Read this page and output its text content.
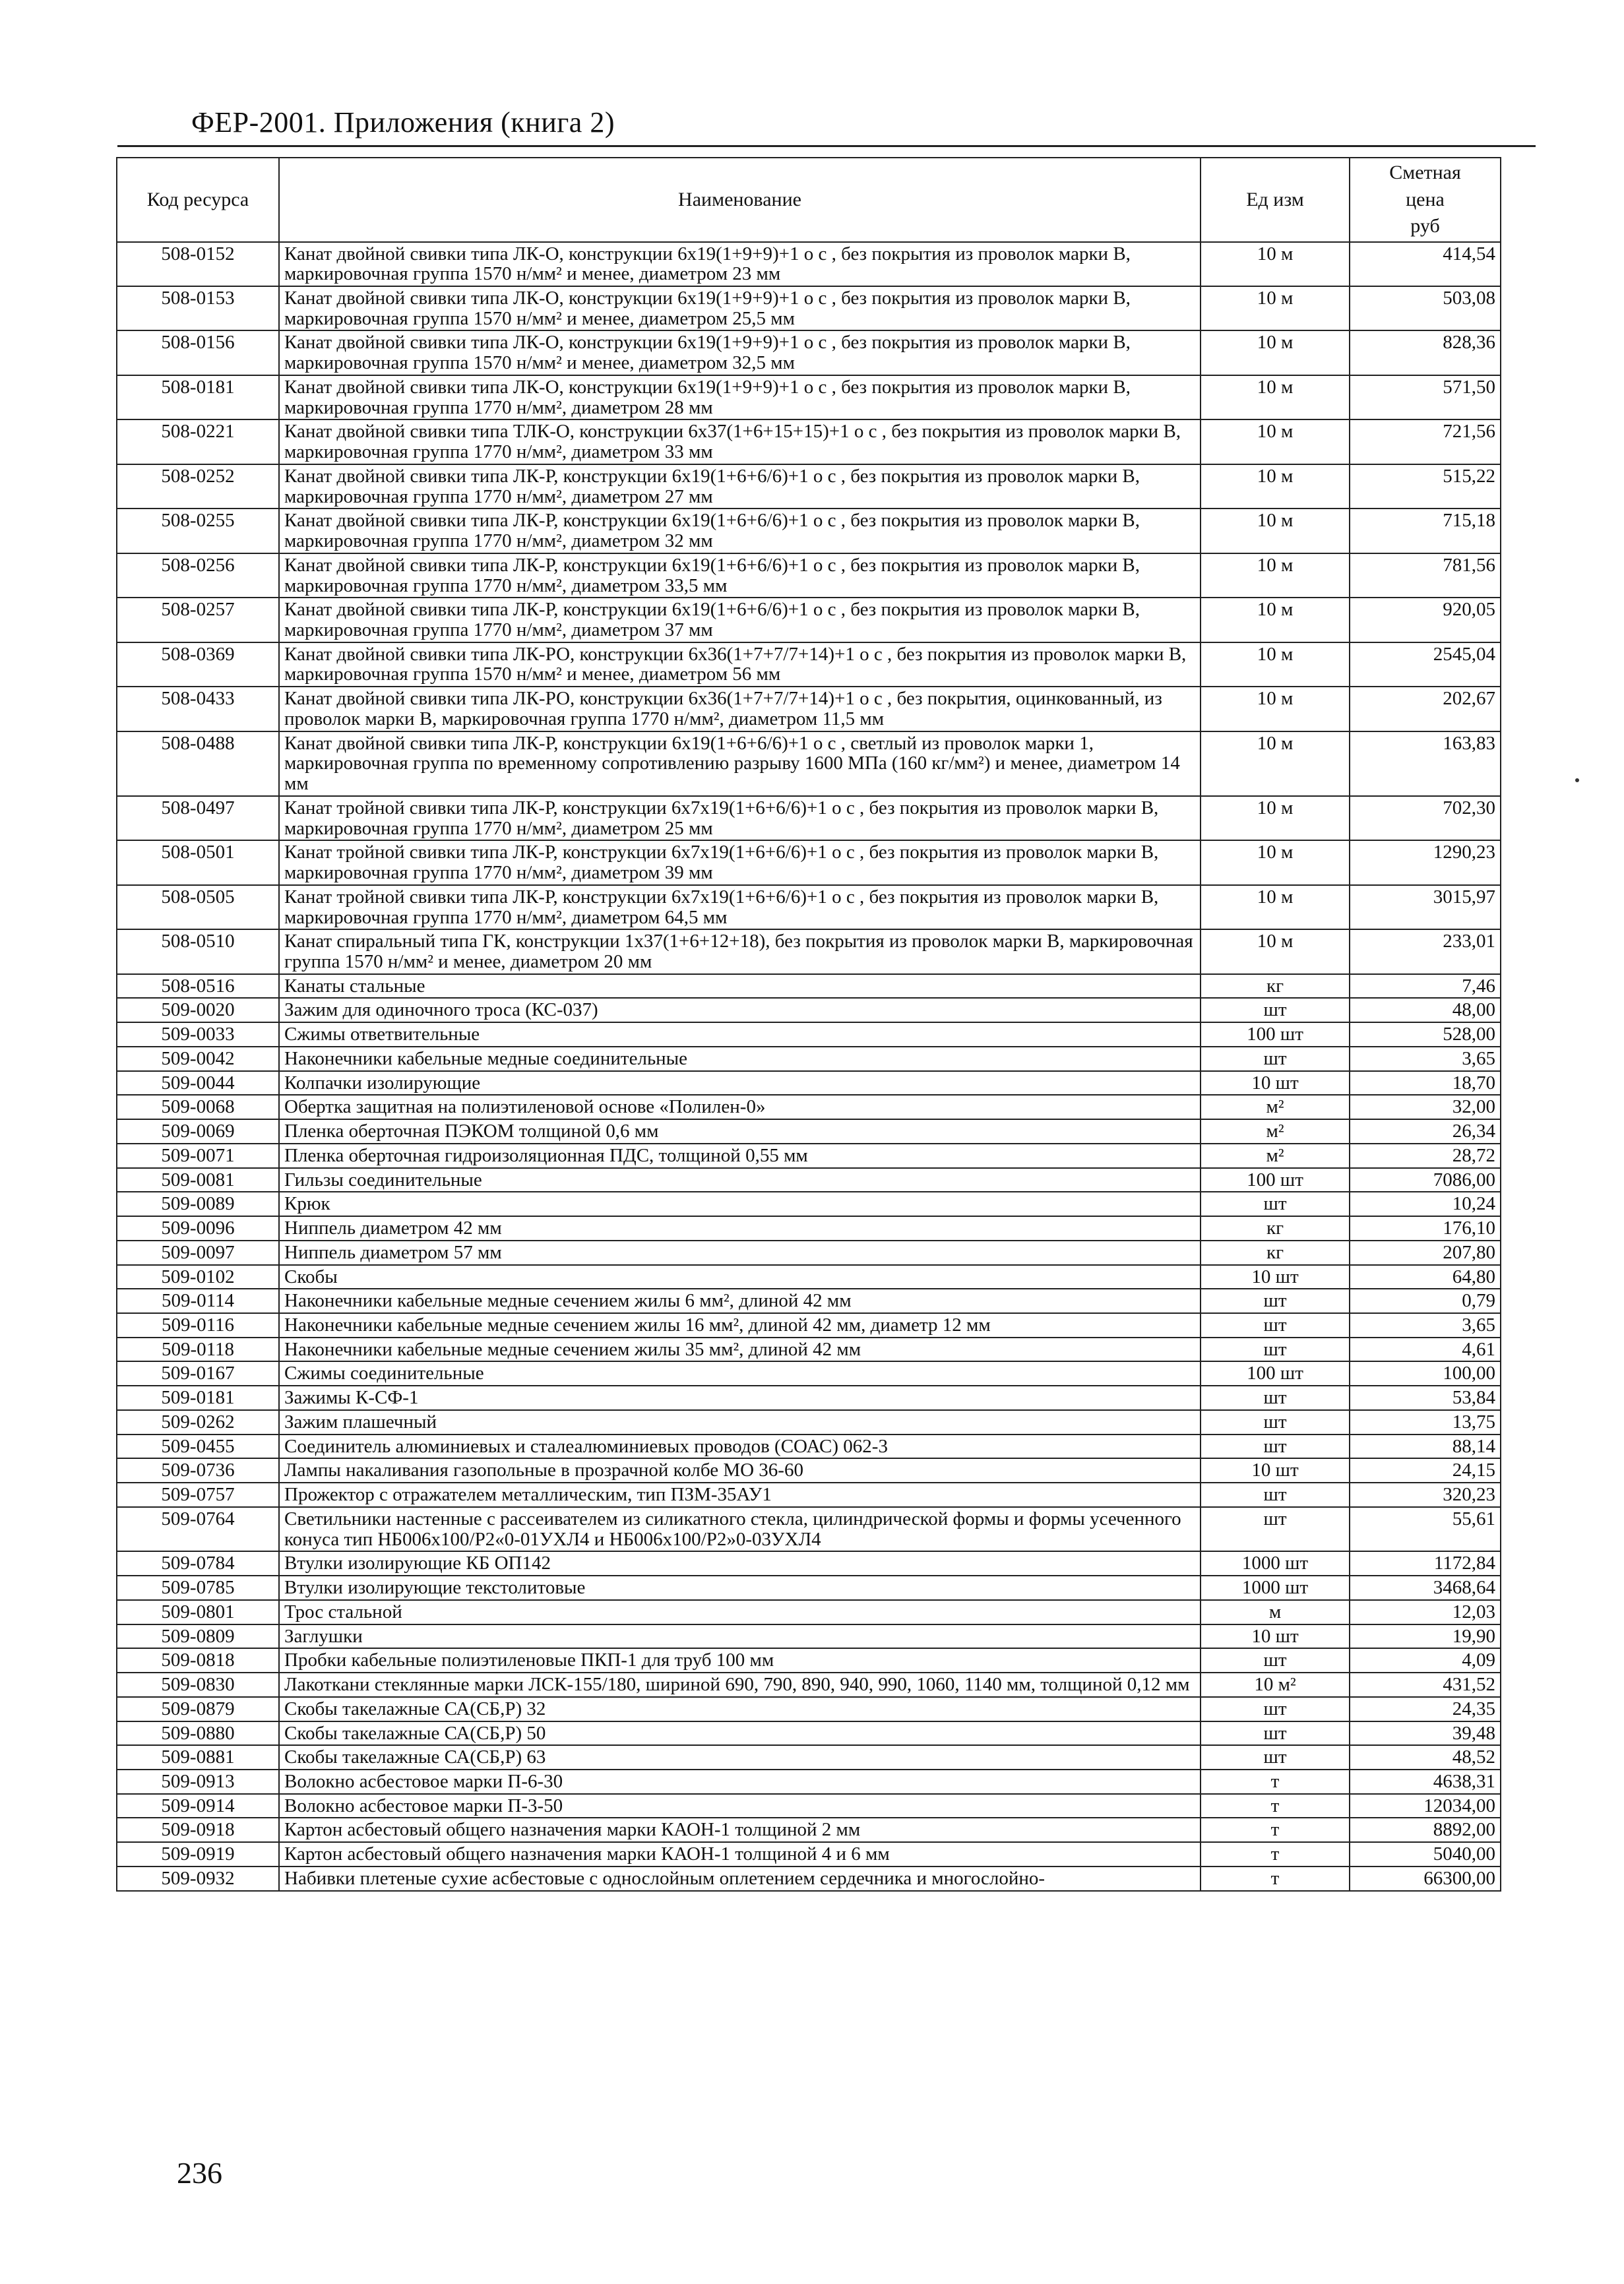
ФЕР-2001. Приложения (книга 2)
Код ресурса	Наименование	Ед изм	Сметная
цена
руб
508-0152	Канат двойной свивки типа ЛК-О, конструкции 6х19(1+9+9)+1 о с , без покрытия из проволок марки В, маркировочная группа 1570 н/мм² и менее, диаметром 23 мм	10 м	414,54
508-0153	Канат двойной свивки типа ЛК-О, конструкции 6х19(1+9+9)+1 о с , без покрытия из проволок марки В, маркировочная группа 1570 н/мм² и менее, диаметром 25,5 мм	10 м	503,08
508-0156	Канат двойной свивки типа ЛК-О, конструкции 6х19(1+9+9)+1 о с , без покрытия из проволок марки В, маркировочная группа 1570 н/мм² и менее, диаметром 32,5 мм	10 м	828,36
508-0181	Канат двойной свивки типа ЛК-О, конструкции 6х19(1+9+9)+1 о с , без покрытия из проволок марки В, маркировочная группа 1770 н/мм², диаметром 28 мм	10 м	571,50
508-0221	Канат двойной свивки типа ТЛК-О, конструкции 6х37(1+6+15+15)+1 о с , без покрытия из проволок марки В, маркировочная группа 1770 н/мм², диаметром 33 мм	10 м	721,56
508-0252	Канат двойной свивки типа ЛК-Р, конструкции 6х19(1+6+6/6)+1 о с , без покрытия из проволок марки В, маркировочная группа 1770 н/мм², диаметром 27 мм	10 м	515,22
508-0255	Канат двойной свивки типа ЛК-Р, конструкции 6х19(1+6+6/6)+1 о с , без покрытия из проволок марки В, маркировочная группа 1770 н/мм², диаметром 32 мм	10 м	715,18
508-0256	Канат двойной свивки типа ЛК-Р, конструкции 6х19(1+6+6/6)+1 о с , без покрытия из проволок марки В, маркировочная группа 1770 н/мм², диаметром 33,5 мм	10 м	781,56
508-0257	Канат двойной свивки типа ЛК-Р, конструкции 6х19(1+6+6/6)+1 о с , без покрытия из проволок марки В, маркировочная группа 1770 н/мм², диаметром 37 мм	10 м	920,05
508-0369	Канат двойной свивки типа ЛК-РО, конструкции 6х36(1+7+7/7+14)+1 о с , без покрытия из проволок марки В, маркировочная группа 1570 н/мм² и менее, диаметром 56 мм	10 м	2545,04
508-0433	Канат двойной свивки типа ЛК-РО, конструкции 6х36(1+7+7/7+14)+1 о с , без покрытия, оцинкованный, из проволок марки В, маркировочная группа 1770 н/мм², диаметром 11,5 мм	10 м	202,67
508-0488	Канат двойной свивки типа ЛК-Р, конструкции 6х19(1+6+6/6)+1 о с , светлый из проволок марки 1, маркировочная группа по временному сопротивлению разрыву 1600 МПа (160 кг/мм²) и менее, диаметром 14 мм	10 м	163,83
508-0497	Канат тройной свивки типа ЛК-Р, конструкции 6х7х19(1+6+6/6)+1 о с , без покрытия из проволок марки В, маркировочная группа 1770 н/мм², диаметром 25 мм	10 м	702,30
508-0501	Канат тройной свивки типа ЛК-Р, конструкции 6х7х19(1+6+6/6)+1 о с , без покрытия из проволок марки В, маркировочная группа 1770 н/мм², диаметром 39 мм	10 м	1290,23
508-0505	Канат тройной свивки типа ЛК-Р, конструкции 6х7х19(1+6+6/6)+1 о с , без покрытия из проволок марки В, маркировочная группа 1770 н/мм², диаметром 64,5 мм	10 м	3015,97
508-0510	Канат спиральный типа ГК, конструкции 1х37(1+6+12+18), без покрытия из проволок марки В, маркировочная группа 1570 н/мм² и менее, диаметром 20 мм	10 м	233,01
508-0516	Канаты стальные	кг	7,46
509-0020	Зажим для одиночного троса (КС-037)	шт	48,00
509-0033	Сжимы ответвительные	100 шт	528,00
509-0042	Наконечники кабельные медные соединительные	шт	3,65
509-0044	Колпачки изолирующие	10 шт	18,70
509-0068	Обертка защитная на полиэтиленовой основе «Полилен-0»	м²	32,00
509-0069	Пленка оберточная ПЭКОМ толщиной 0,6 мм	м²	26,34
509-0071	Пленка оберточная гидроизоляционная ПДС, толщиной 0,55 мм	м²	28,72
509-0081	Гильзы соединительные	100 шт	7086,00
509-0089	Крюк	шт	10,24
509-0096	Ниппель диаметром 42 мм	кг	176,10
509-0097	Ниппель диаметром 57 мм	кг	207,80
509-0102	Скобы	10 шт	64,80
509-0114	Наконечники кабельные медные сечением жилы 6 мм², длиной 42 мм	шт	0,79
509-0116	Наконечники кабельные медные сечением жилы 16 мм², длиной 42 мм, диаметр 12 мм	шт	3,65
509-0118	Наконечники кабельные медные сечением жилы 35 мм², длиной 42 мм	шт	4,61
509-0167	Сжимы соединительные	100 шт	100,00
509-0181	Зажимы К-СФ-1	шт	53,84
509-0262	Зажим плашечный	шт	13,75
509-0455	Соединитель алюминиевых и сталеалюминиевых проводов (СОАС) 062-3	шт	88,14
509-0736	Лампы накаливания газопольные в прозрачной колбе МО 36-60	10 шт	24,15
509-0757	Прожектор с отражателем металлическим, тип ПЗМ-35АУ1	шт	320,23
509-0764	Светильники настенные с рассеивателем из силикатного стекла, цилиндрической формы и формы усеченного конуса тип НБ006х100/Р2«0-01УХЛ4 и НБ006х100/Р2»0-03УХЛ4	шт	55,61
509-0784	Втулки изолирующие КБ ОП142	1000 шт	1172,84
509-0785	Втулки изолирующие текстолитовые	1000 шт	3468,64
509-0801	Трос стальной	м	12,03
509-0809	Заглушки	10 шт	19,90
509-0818	Пробки кабельные полиэтиленовые ПКП-1 для труб 100 мм	шт	4,09
509-0830	Лакоткани стеклянные марки ЛСК-155/180, шириной 690, 790, 890, 940, 990, 1060, 1140 мм, толщиной 0,12 мм	10 м²	431,52
509-0879	Скобы такелажные СА(СБ,Р) 32	шт	24,35
509-0880	Скобы такелажные СА(СБ,Р) 50	шт	39,48
509-0881	Скобы такелажные СА(СБ,Р) 63	шт	48,52
509-0913	Волокно асбестовое марки П-6-30	т	4638,31
509-0914	Волокно асбестовое марки П-3-50	т	12034,00
509-0918	Картон асбестовый общего назначения марки КАОН-1 толщиной 2 мм	т	8892,00
509-0919	Картон асбестовый общего назначения марки КАОН-1 толщиной 4 и 6 мм	т	5040,00
509-0932	Набивки плетеные сухие асбестовые с однослойным оплетением сердечника и многослойно-	т	66300,00
236
